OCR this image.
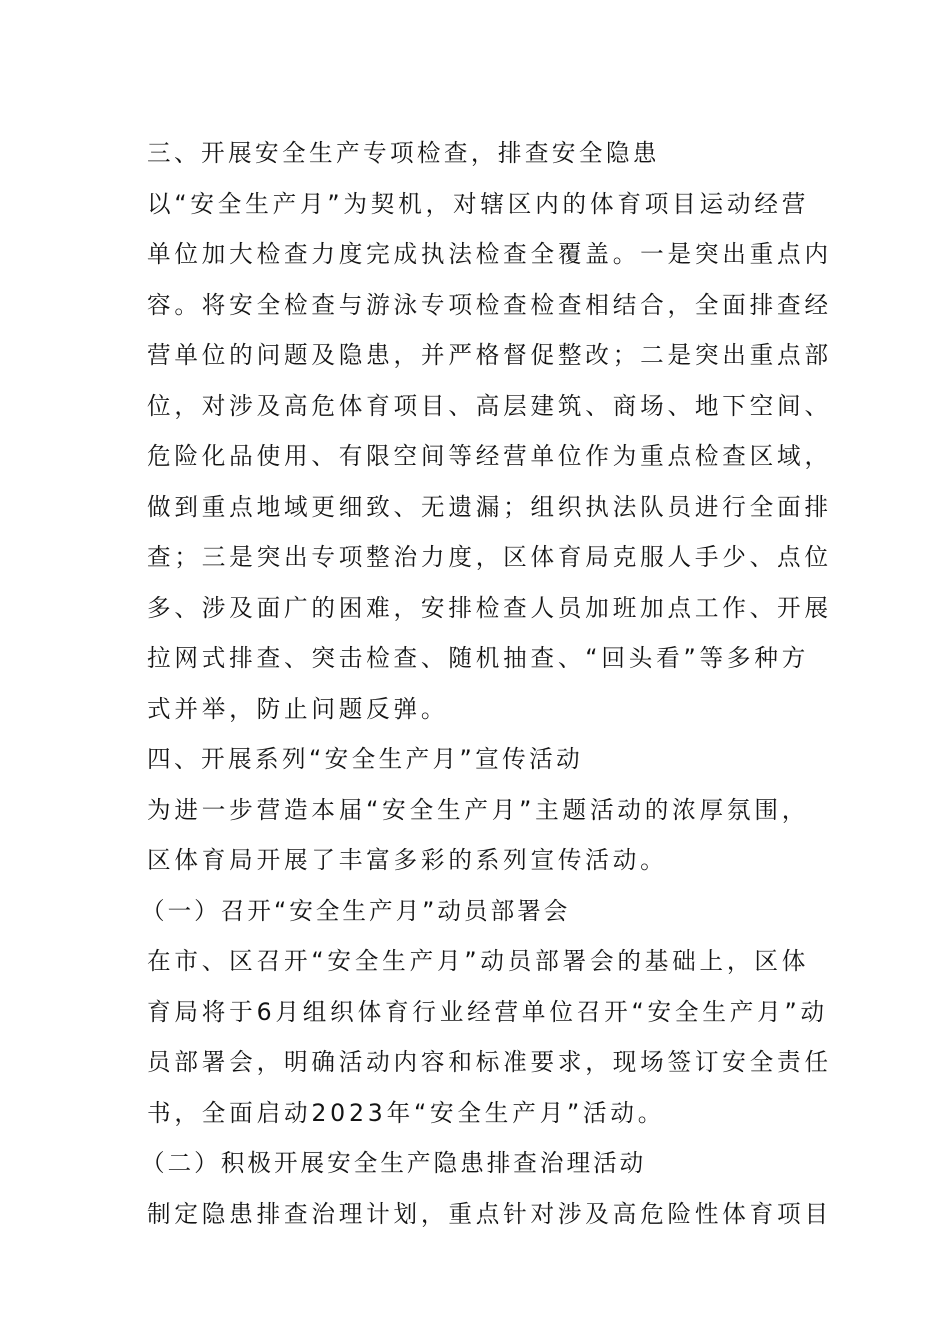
三、开展安全生产专项检查，排查安全隐患
以“安全生产月”为契机，对辖区内的体育项目运动经营
单位加大检查力度完成执法检查全覆盖。一是突出重点内
容。将安全检查与游泳专项检查检查相结合，全面排查经
营单位的问题及隐患，并严格督促整改；二是突出重点部
位，对涉及高危体育项目、高层建筑、商场、地下空间、
危险化品使用、有限空间等经营单位作为重点检查区域，
做到重点地域更细致、无遗漏；组织执法队员进行全面排
查；三是突出专项整治力度，区体育局克服人手少、点位
多、涉及面广的困难，安排检查人员加班加点工作、开展
拉网式排查、突击检查、随机抽查、“回头看”等多种方
式并举，防止问题反弹。
四、开展系列“安全生产月”宣传活动
为进一步营造本届“安全生产月”主题活动的浓厚氛围，
区体育局开展了丰富多彩的系列宣传活动。
（一）召开“安全生产月”动员部署会
在市、区召开“安全生产月”动员部署会的基础上，区体
育局将于6月组织体育行业经营单位召开“安全生产月”动
员部署会，明确活动内容和标准要求，现场签订安全责任
书，全面启动2023年“安全生产月”活动。
（二）积极开展安全生产隐患排查治理活动
制定隐患排查治理计划，重点针对涉及高危险性体育项目
